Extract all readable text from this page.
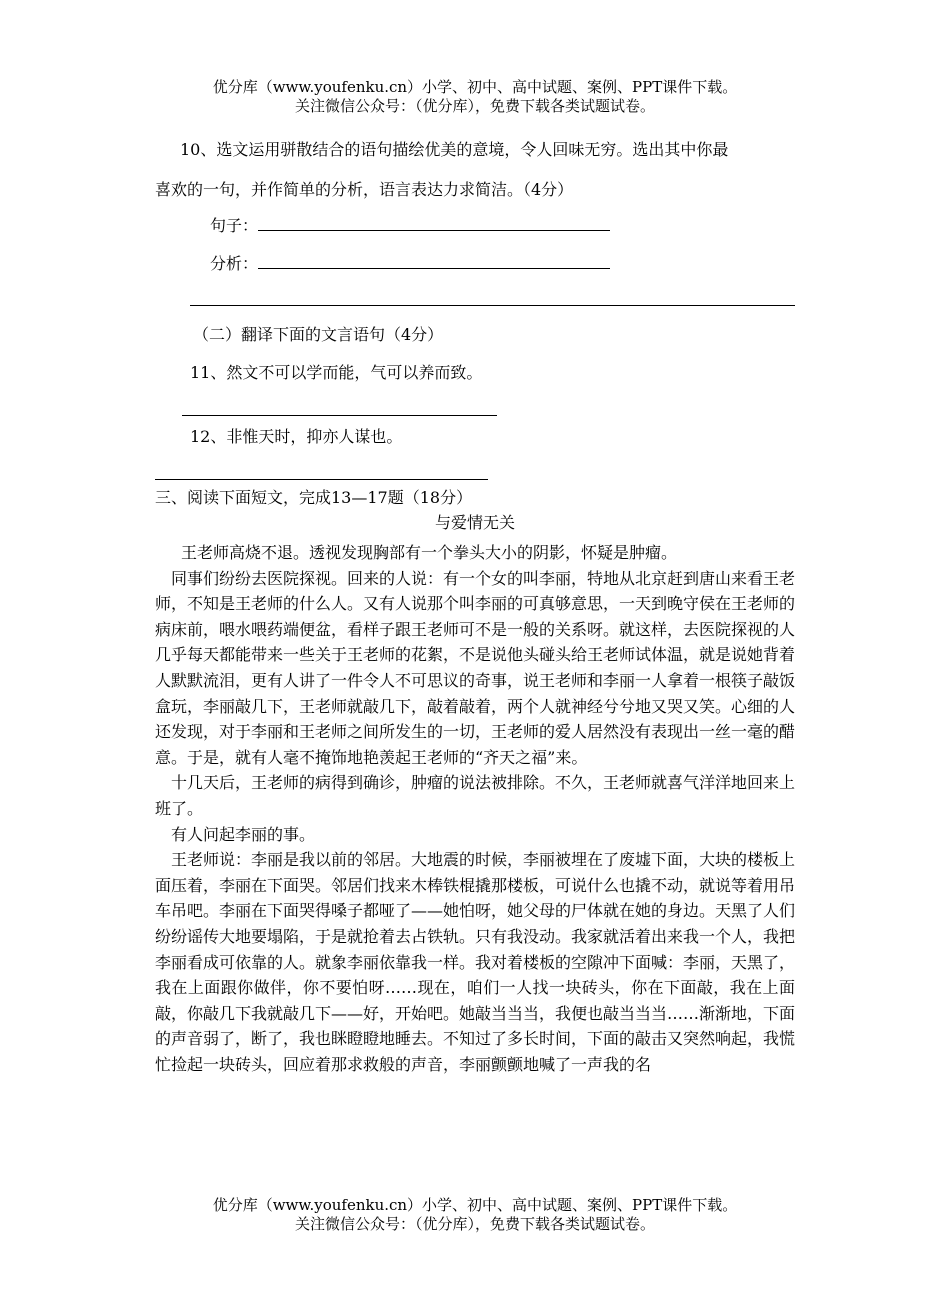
优分库（www.youfenku.cn）小学、初中、高中试题、案例、PPT课件下载。
关注微信公众号：（优分库），免费下载各类试题试卷。
10、选文运用骈散结合的语句描绘优美的意境，令人回味无穷。选出其中你最
喜欢的一句，并作简单的分析，语言表达力求简洁。（4分）
句子：
分析：
（二）翻译下面的文言语句（4分）
11、然文不可以学而能，气可以养而致。
12、非惟天时，抑亦人谋也。
三、阅读下面短文，完成13—17题（18分）
与爱情无关

王老师高烧不退。透视发现胸部有一个拳头大小的阴影，怀疑是肿瘤。

同事们纷纷去医院探视。回来的人说：有一个女的叫李丽，特地从北京赶到唐山来看王老师，不知是王老师的什么人。又有人说那个叫李丽的可真够意思，一天到晚守侯在王老师的病床前，喂水喂药端便盆，看样子跟王老师可不是一般的关系呀。就这样，去医院探视的人几乎每天都能带来一些关于王老师的花絮，不是说他头碰头给王老师试体温，就是说她背着人默默流泪，更有人讲了一件令人不可思议的奇事，说王老师和李丽一人拿着一根筷子敲饭盒玩，李丽敲几下，王老师就敲几下，敲着敲着，两个人就神经兮兮地又哭又笑。心细的人还发现，对于李丽和王老师之间所发生的一切，王老师的爱人居然没有表现出一丝一毫的醋意。于是，就有人毫不掩饰地艳羡起王老师的“齐天之福”来。

十几天后，王老师的病得到确诊，肿瘤的说法被排除。不久，王老师就喜气洋洋地回来上班了。

有人问起李丽的事。

王老师说：李丽是我以前的邻居。大地震的时候，李丽被埋在了废墟下面，大块的楼板上面压着，李丽在下面哭。邻居们找来木棒铁棍撬那楼板，可说什么也撬不动，就说等着用吊车吊吧。李丽在下面哭得嗓子都哑了——她怕呀，她父母的尸体就在她的身边。天黑了人们纷纷谣传大地要塌陷，于是就抢着去占铁轨。只有我没动。我家就活着出来我一个人，我把李丽看成可依靠的人。就象李丽依靠我一样。我对着楼板的空隙冲下面喊：李丽，天黑了，我在上面跟你做伴，你不要怕呀……现在，咱们一人找一块砖头，你在下面敲，我在上面敲，你敲几下我就敲几下——好，开始吧。她敲当当当，我便也敲当当当……渐渐地，下面的声音弱了，断了，我也眯瞪瞪地睡去。不知过了多长时间，下面的敲击又突然响起，我慌忙捡起一块砖头，回应着那求救般的声音，李丽颤颤地喊了一声我的名

优分库（www.youfenku.cn）小学、初中、高中试题、案例、PPT课件下载。
关注微信公众号：（优分库），免费下载各类试题试卷。
